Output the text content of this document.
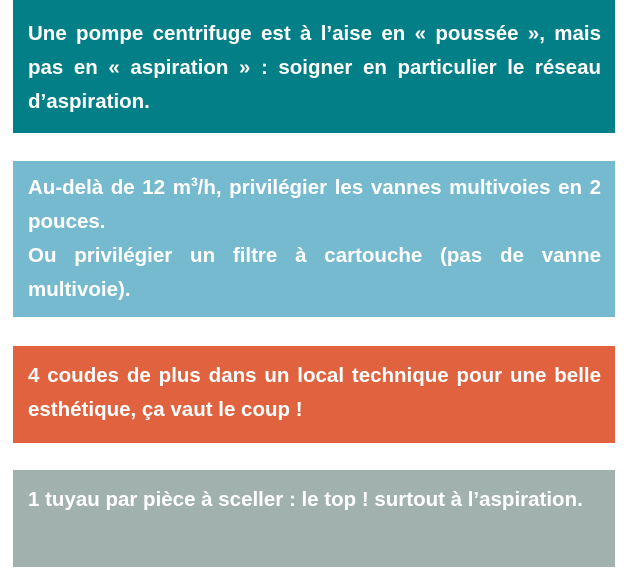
Une pompe centrifuge est à l’aise en « poussée », mais pas en « aspiration » : soigner en particulier le réseau d’aspiration.

Au-delà de 12 $m^3/h$, privilégier les vannes multivoies en 2 pouces.

Ou privilégier un filtre à cartouche (pas de vanne multivoie).

4 coudes de plus dans un local technique pour une belle esthétique, ça vaut le coup !

1 tuyau par pièce à sceller : le top ! surtout à l’aspiration.
